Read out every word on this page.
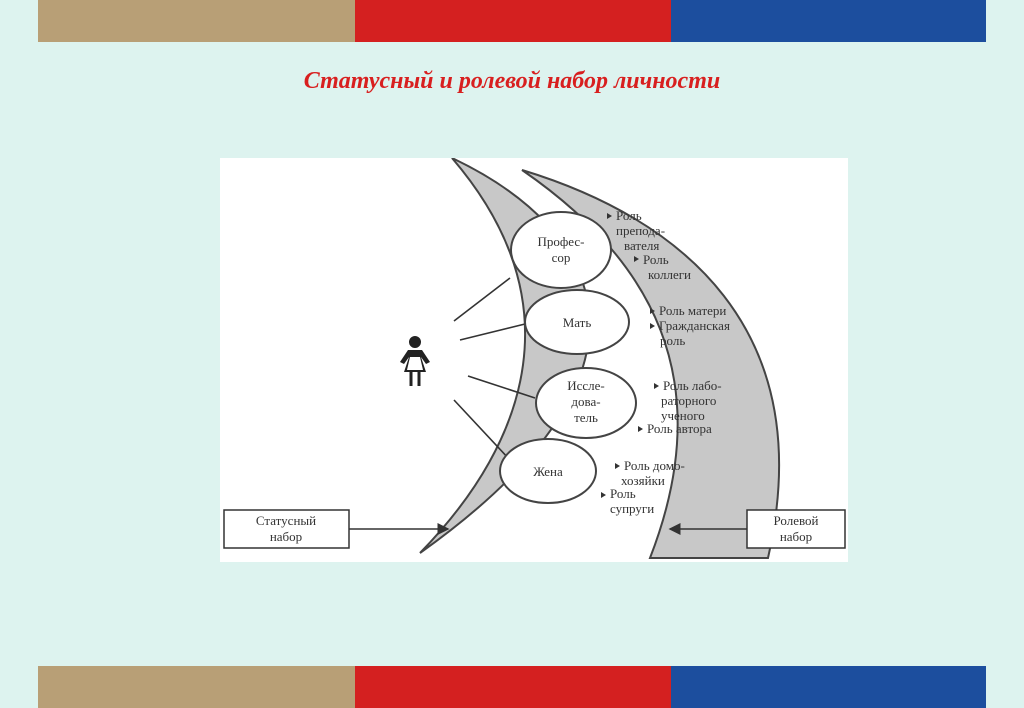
Статусный и ролевой набор личности
Профес-
сор
Мать
Иссле-
дова-
тель
Жена
Роль
препода-
вателя
Роль
коллеги
Роль матери
Гражданская
роль
Роль лабо-
раторного
ученого
Роль автора
Роль домо-
хозяйки
Роль
супруги
Статусный
набор
Ролевой
набор
